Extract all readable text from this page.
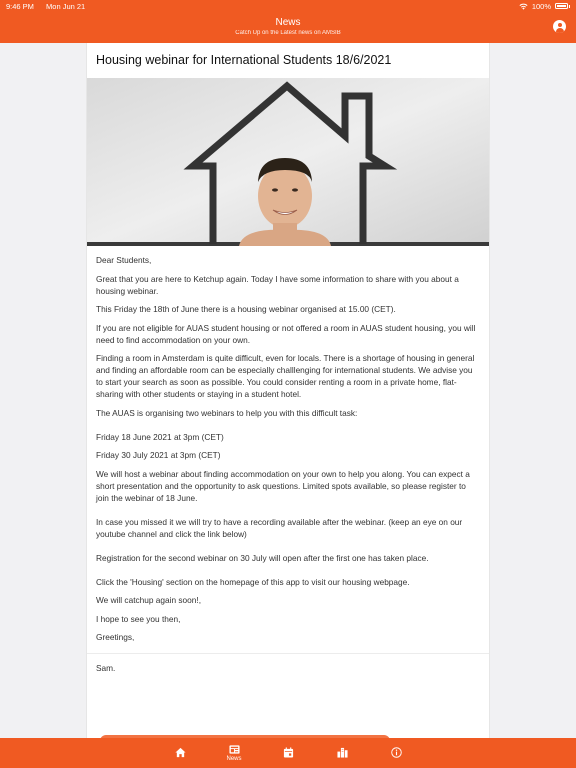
9:46 PM Mon Jun 21	100%
News
Catch Up on the Latest news on AMSIB
Housing webinar for International Students 18/6/2021

Dear Students,

Great that you are here to Ketchup again. Today I have some information to share with you about a housing webinar.

This Friday the 18th of June there is a housing webinar organised at 15.00 (CET).

If you are not eligible for AUAS student housing or not offered a room in AUAS student housing, you will need to find accommodation on your own.

Finding a room in Amsterdam is quite difficult, even for locals. There is a shortage of housing in general and finding an affordable room can be especially challlenging for international students. We advise you to start your search as soon as possible. You could consider renting a room in a private home, flat-sharing with other students or staying in a student hotel.

The AUAS is organising two webinars to help you with this difficult task:

Friday 18 June 2021 at 3pm (CET)

Friday 30 July 2021 at 3pm (CET)

We will host a webinar about finding accommodation on your own to help you along. You can expect a short presentation and the opportunity to ask questions. Limited spots available, so please register to join the webinar of 18 June.

In case you missed it we will try to have a recording available after the webinar. (keep an eye on our youtube channel and click the link below)

Registration for the second webinar on 30 July will open after the first one has taken place.

Click the 'Housing' section on the homepage of this app to visit our housing webpage.

We will catchup again soon!,

I hope to see you then,

Greetings,

Sam.

News
